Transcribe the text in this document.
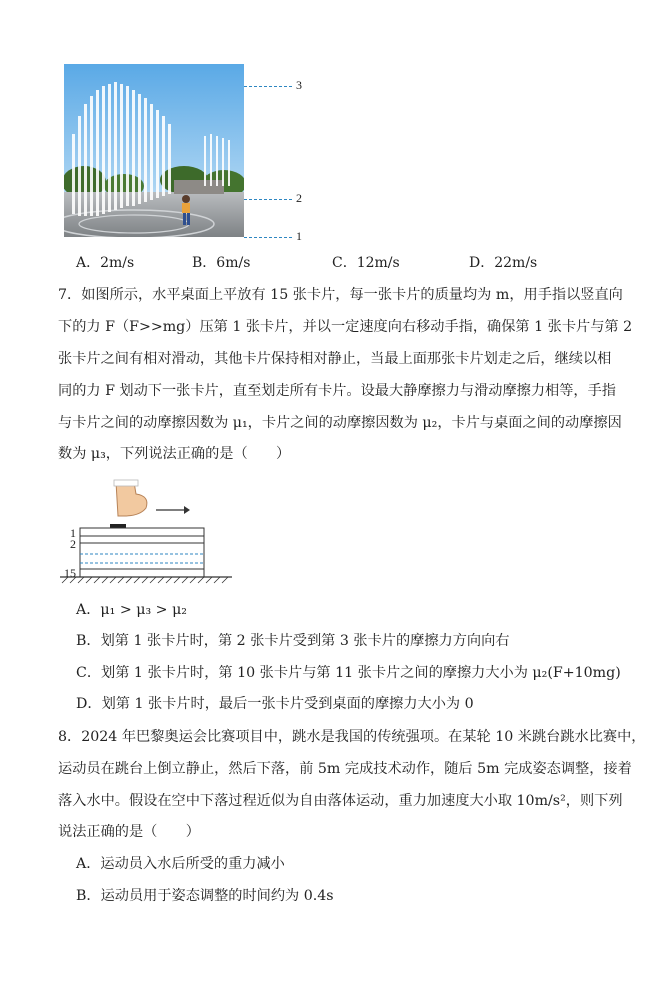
3
2
1
A．2m/s	B．6m/s	C．12m/s	D．22m/s
7．如图所示，水平桌面上平放有 15 张卡片，每一张卡片的质量均为 m，用手指以竖直向
下的力 F（F>>mg）压第 1 张卡片，并以一定速度向右移动手指，确保第 1 张卡片与第 2
张卡片之间有相对滑动，其他卡片保持相对静止，当最上面那张卡片划走之后，继续以相
同的力 F 划动下一张卡片，直至划走所有卡片。设最大静摩擦力与滑动摩擦力相等，手指
与卡片之间的动摩擦因数为 μ₁，卡片之间的动摩擦因数为 μ₂，卡片与桌面之间的动摩擦因
数为 μ₃，下列说法正确的是（　　）
1
2
15
A．μ₁ > μ₃ > μ₂
B．划第 1 张卡片时，第 2 张卡片受到第 3 张卡片的摩擦力方向向右
C．划第 1 张卡片时，第 10 张卡片与第 11 张卡片之间的摩擦力大小为 μ₂(F+10mg)
D．划第 1 张卡片时，最后一张卡片受到桌面的摩擦力大小为 0
8．2024 年巴黎奥运会比赛项目中，跳水是我国的传统强项。在某轮 10 米跳台跳水比赛中，
运动员在跳台上倒立静止，然后下落，前 5m 完成技术动作，随后 5m 完成姿态调整，接着
落入水中。假设在空中下落过程近似为自由落体运动，重力加速度大小取 10m/s²，则下列
说法正确的是（　　）
A．运动员入水后所受的重力减小
B．运动员用于姿态调整的时间约为 0.4s
